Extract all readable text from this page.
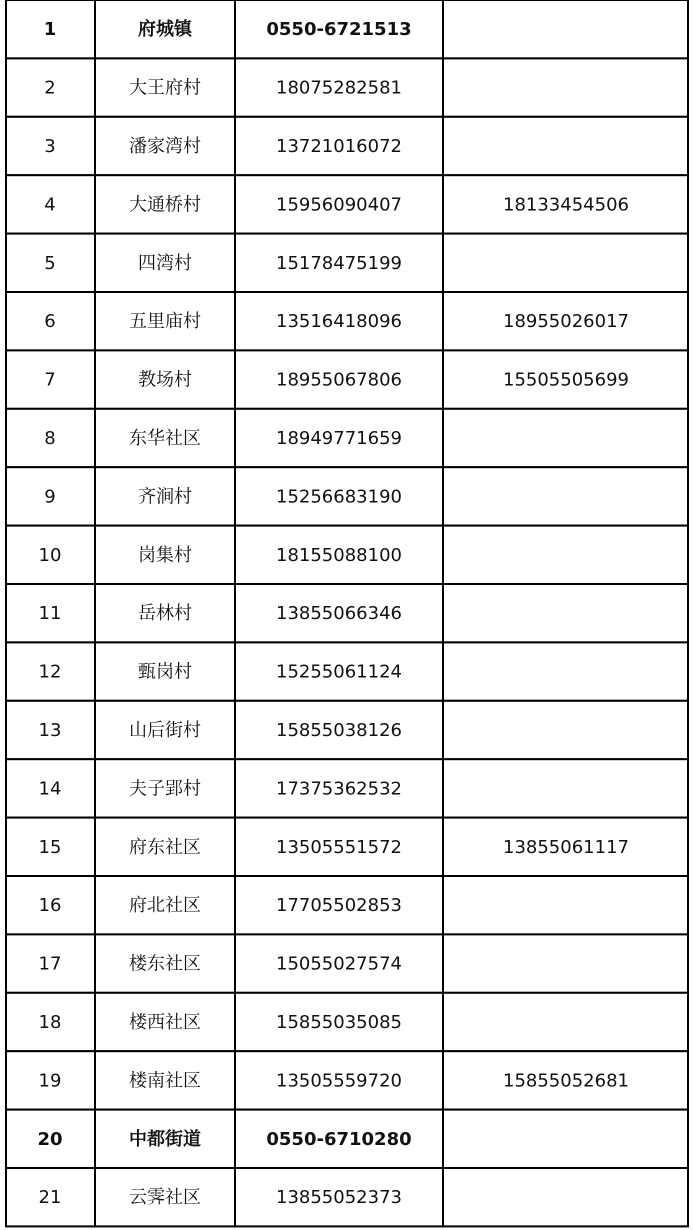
1	府城镇	0550-6721513
2	大王府村	18075282581
3	潘家湾村	13721016072
4	大通桥村	15956090407	18133454506
5	四湾村	15178475199
6	五里庙村	13516418096	18955026017
7	教场村	18955067806	15505505699
8	东华社区	18949771659
9	齐涧村	15256683190
10	岗集村	18155088100
11	岳林村	13855066346
12	甄岗村	15255061124
13	山后街村	15855038126
14	夫子郢村	17375362532
15	府东社区	13505551572	13855061117
16	府北社区	17705502853
17	楼东社区	15055027574
18	楼西社区	15855035085
19	楼南社区	13505559720	15855052681
20	中都街道	0550-6710280
21	云霁社区	13855052373
